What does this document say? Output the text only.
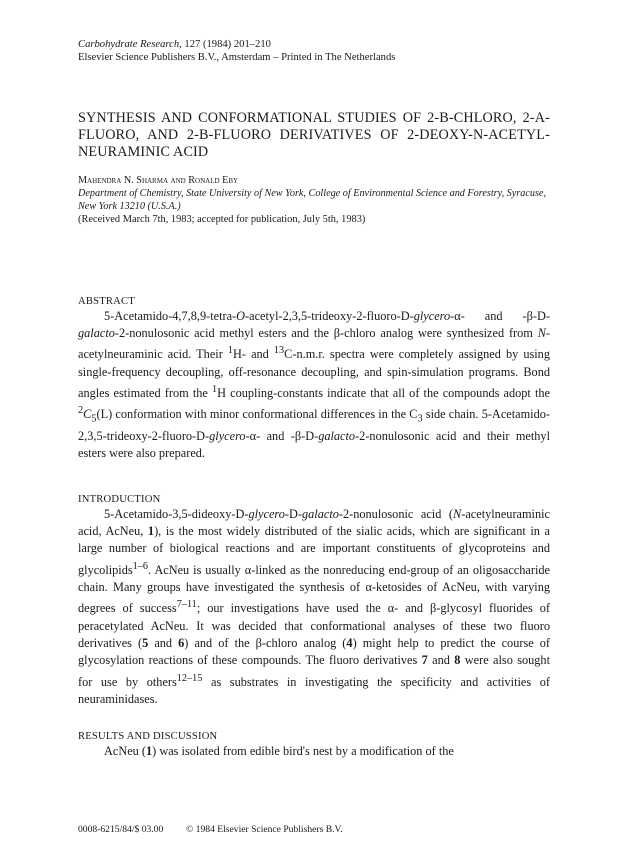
Carbohydrate Research, 127 (1984) 201–210
Elsevier Science Publishers B.V., Amsterdam – Printed in The Netherlands
SYNTHESIS AND CONFORMATIONAL STUDIES OF 2-Β-CHLORO, 2-Α-FLUORO, AND 2-Β-FLUORO DERIVATIVES OF 2-DEOXY-N-ACETYL-NEURAMINIC ACID
Mahendra N. Sharma and Ronald Eby
Department of Chemistry, State University of New York, College of Environmental Science and Forestry, Syracuse, New York 13210 (U.S.A.)
(Received March 7th, 1983; accepted for publication, July 5th, 1983)
ABSTRACT

5-Acetamido-4,7,8,9-tetra-O-acetyl-2,3,5-trideoxy-2-fluoro-D-glycero-α- and -β-D-galacto-2-nonulosonic acid methyl esters and the β-chloro analog were synthesized from N-acetylneuraminic acid. Their $^1$H- and $^{13}$C-n.m.r. spectra were completely assigned by using single-frequency decoupling, off-resonance decoupling, and spin-simulation programs. Bond angles estimated from the $^1$H coupling-constants indicate that all of the compounds adopt the $^2C_5(L)$ conformation with minor conformational differences in the $C_3$ side chain. 5-Acetamido-2,3,5-trideoxy-2-fluoro-D-glycero-α- and -β-D-galacto-2-nonulosonic acid and their methyl esters were also prepared.

INTRODUCTION

5-Acetamido-3,5-dideoxy-D-glycero-D-galacto-2-nonulosonic acid (N-acetylneuraminic acid, AcNeu, 1), is the most widely distributed of the sialic acids, which are significant in a large number of biological reactions and are important constituents of glycoproteins and glycolipids$^{1-6}$. AcNeu is usually α-linked as the nonreducing end-group of an oligosaccharide chain. Many groups have investigated the synthesis of α-ketosides of AcNeu, with varying degrees of success$^{7-11}$; our investigations have used the α- and β-glycosyl fluorides of peracetylated AcNeu. It was decided that conformational analyses of these two fluoro derivatives (5 and 6) and of the β-chloro analog (4) might help to predict the course of glycosylation reactions of these compounds. The fluoro derivatives 7 and 8 were also sought for use by others$^{12-15}$ as substrates in investigating the specificity and activities of neuraminidases.

RESULTS AND DISCUSSION

AcNeu (1) was isolated from edible bird's nest by a modification of the

0008-6215/84/$ 03.00 © 1984 Elsevier Science Publishers B.V.
